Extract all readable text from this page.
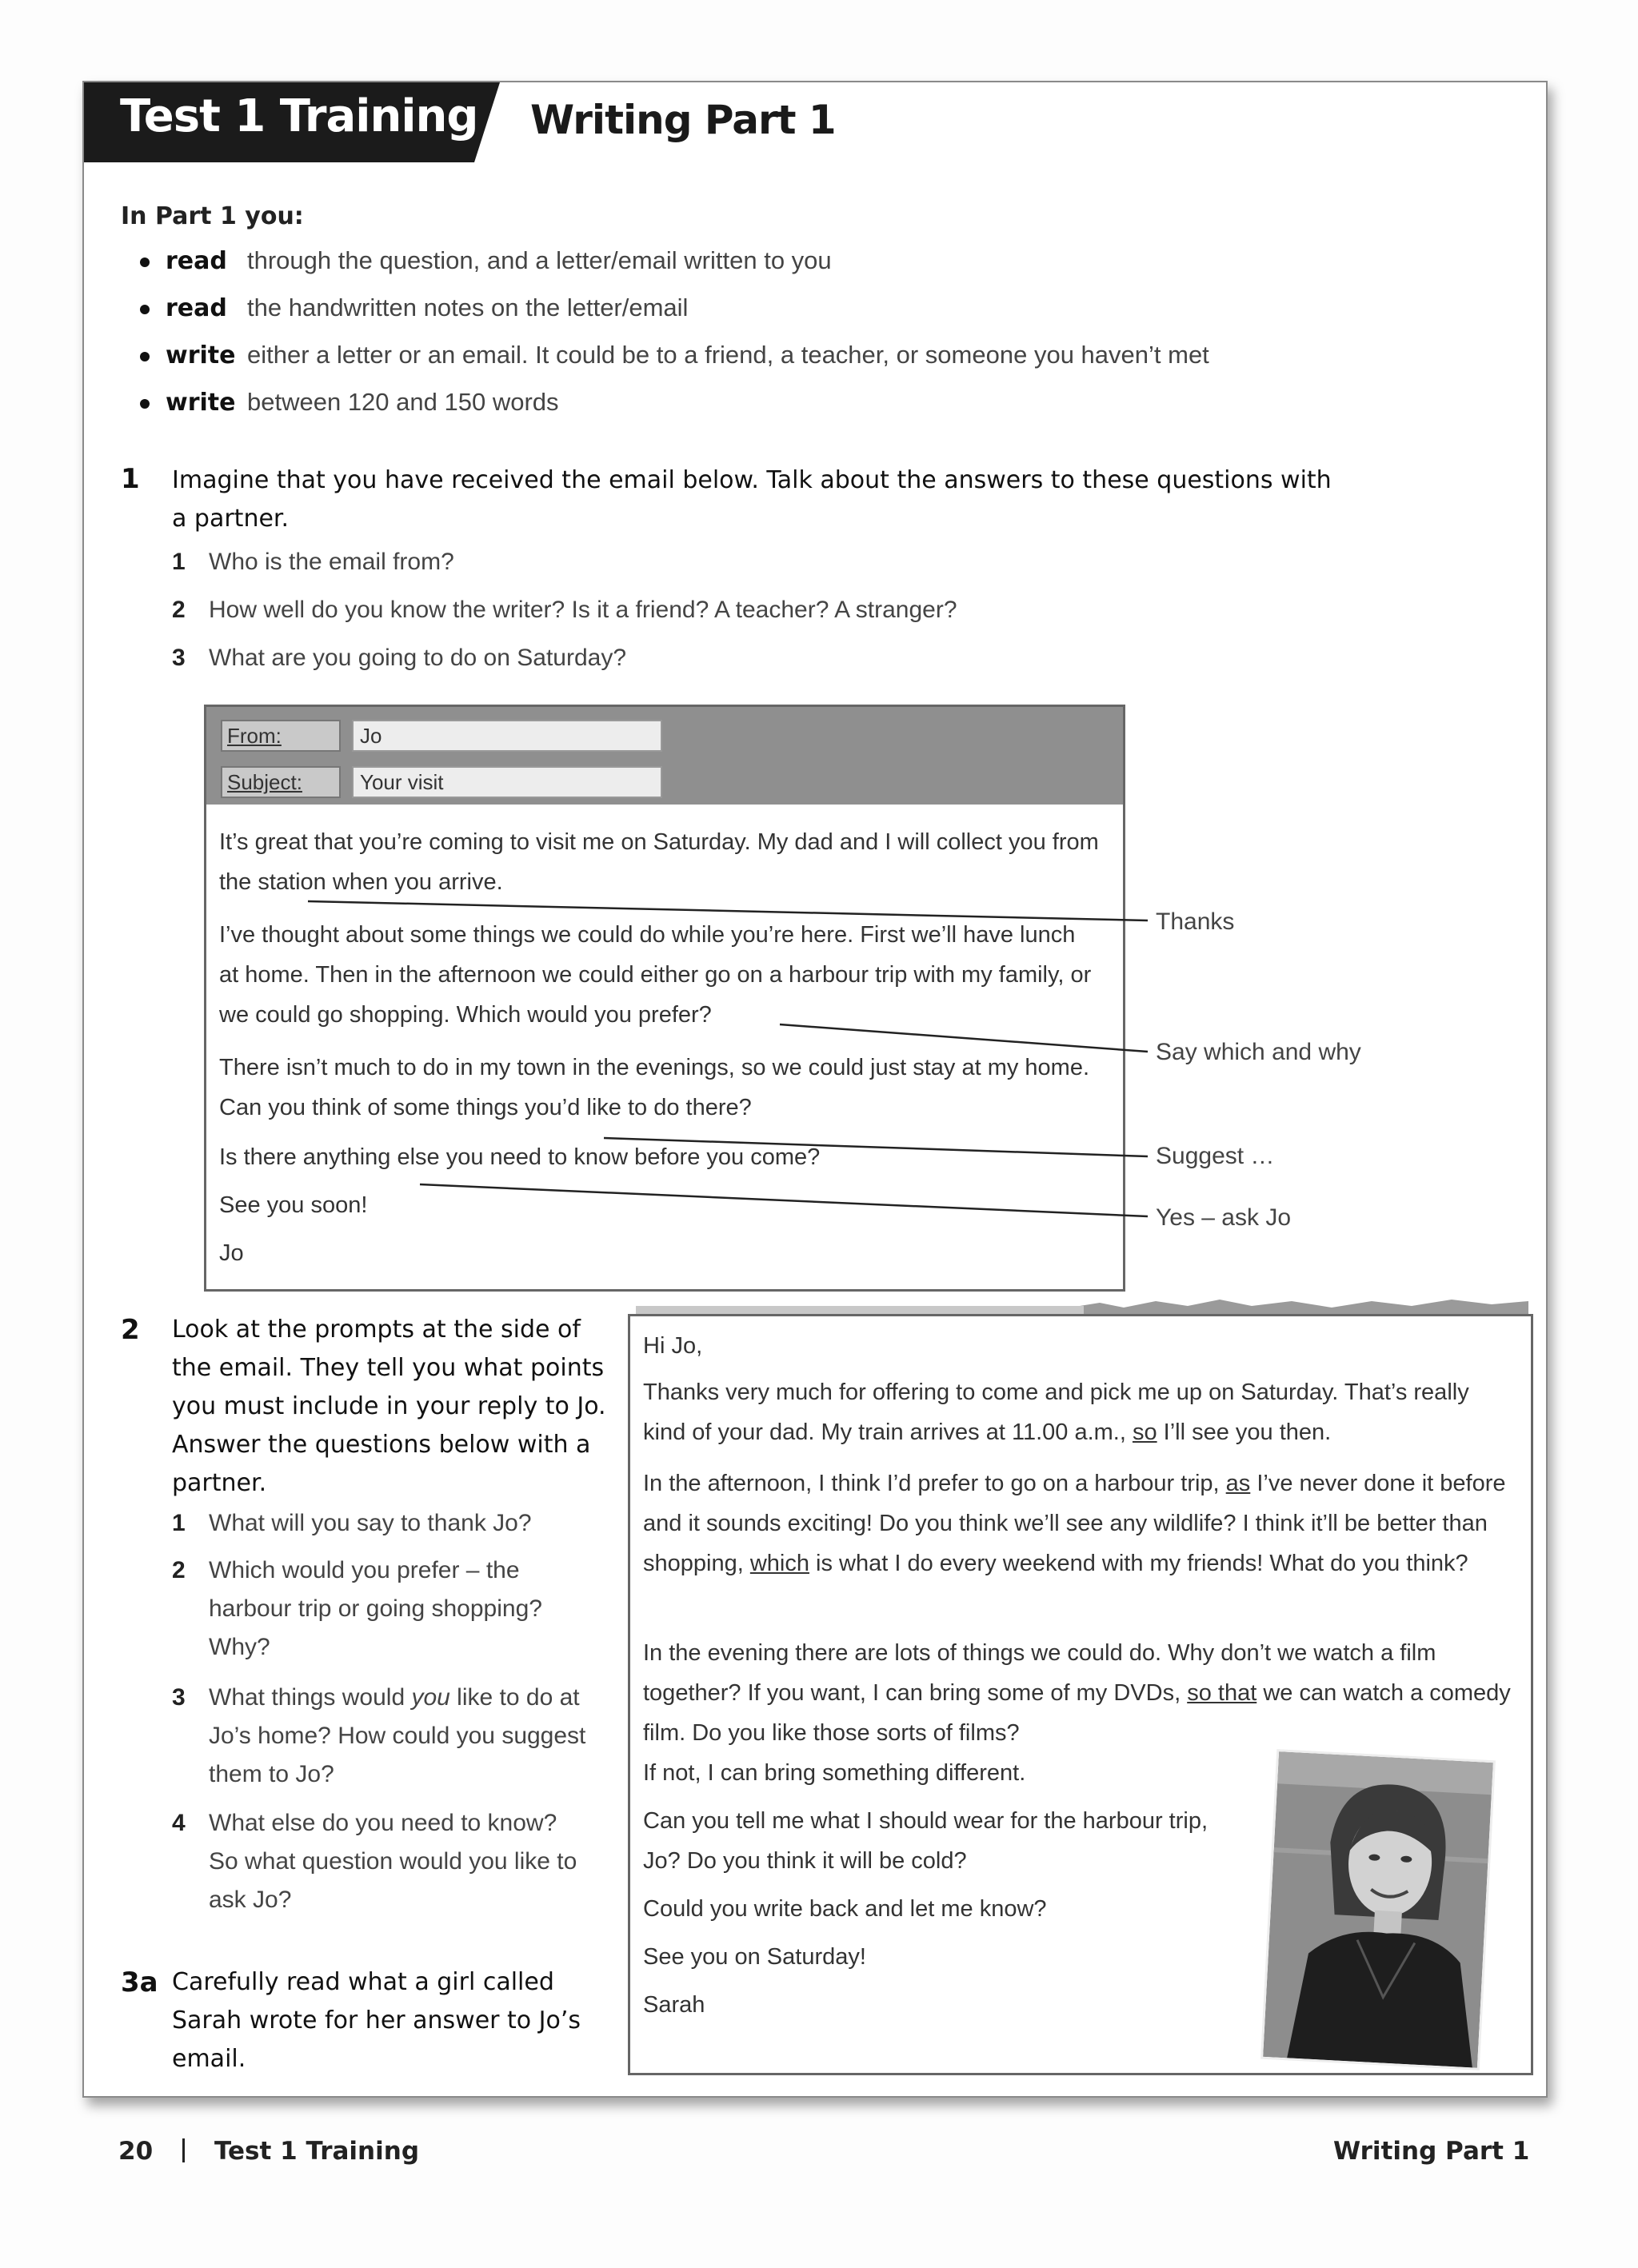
Test 1 Training Writing Part 1
In Part 1 you:
read through the question, and a letter/email written to you
read the handwritten notes on the letter/email
write either a letter or an email. It could be to a friend, a teacher, or someone you haven’t met
write between 120 and 150 words
1 Imagine that you have received the email below. Talk about the answers to these questions with a partner.
1 Who is the email from?
2 How well do you know the writer? Is it a friend? A teacher? A stranger?
3 What are you going to do on Saturday?
From:	Jo
Subject:	Your visit
It’s great that you’re coming to visit me on Saturday. My dad and I will collect you from the station when you arrive.
I’ve thought about some things we could do while you’re here. First we’ll have lunch at home. Then in the afternoon we could either go on a harbour trip with my family, or we could go shopping. Which would you prefer?
There isn’t much to do in my town in the evenings, so we could just stay at my home. Can you think of some things you’d like to do there?
Is there anything else you need to know before you come?
See you soon!
Jo
Thanks
Say which and why
Suggest …
Yes – ask Jo
2 Look at the prompts at the side of the email. They tell you what points you must include in your reply to Jo. Answer the questions below with a partner.
1 What will you say to thank Jo?
2 Which would you prefer – the harbour trip or going shopping? Why?
3 What things would you like to do at Jo’s home? How could you suggest them to Jo?
4 What else do you need to know? So what question would you like to ask Jo?
3a Carefully read what a girl called Sarah wrote for her answer to Jo’s email.
Hi Jo,
Thanks very much for offering to come and pick me up on Saturday. That’s really kind of your dad. My train arrives at 11.00 a.m., so I’ll see you then.
In the afternoon, I think I’d prefer to go on a harbour trip, as I’ve never done it before and it sounds exciting! Do you think we’ll see any wildlife? I think it’ll be better than shopping, which is what I do every weekend with my friends! What do you think?
In the evening there are lots of things we could do. Why don’t we watch a film together? If you want, I can bring some of my DVDs, so that we can watch a comedy film. Do you like those sorts of films?
If not, I can bring something different.
Can you tell me what I should wear for the harbour trip, Jo? Do you think it will be cold?
Could you write back and let me know?
See you on Saturday!
Sarah
20 Test 1 Training	Writing Part 1
